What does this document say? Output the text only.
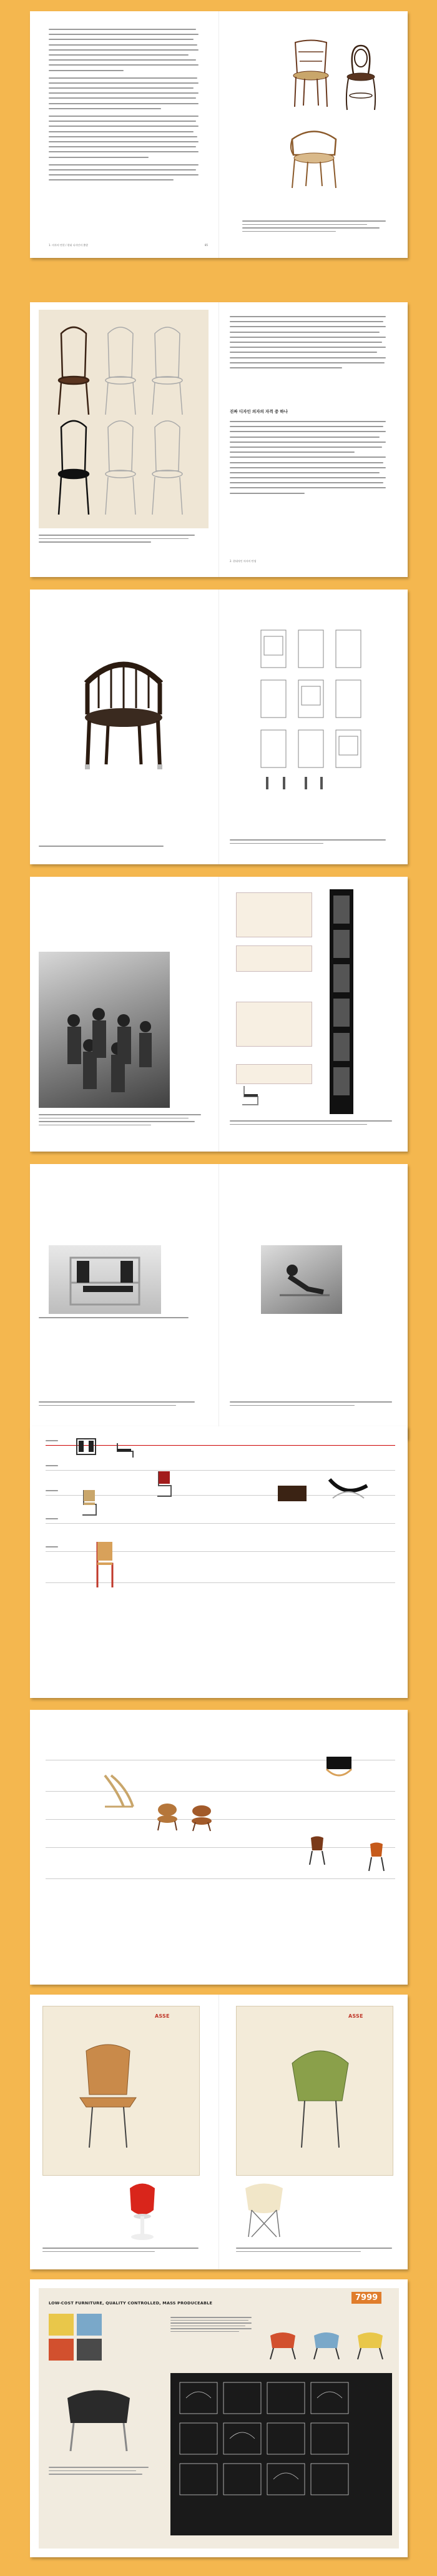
1. 의자의 변천 / 현대 디자인의 출발	85
진짜 디자인 의자의 자격 중 하나
2. 현대적인 의자의 탄생
ASSE	ASSE
LOW-COST FURNITURE, QUALITY CONTROLLED, MASS PRODUCEABLE
7999
